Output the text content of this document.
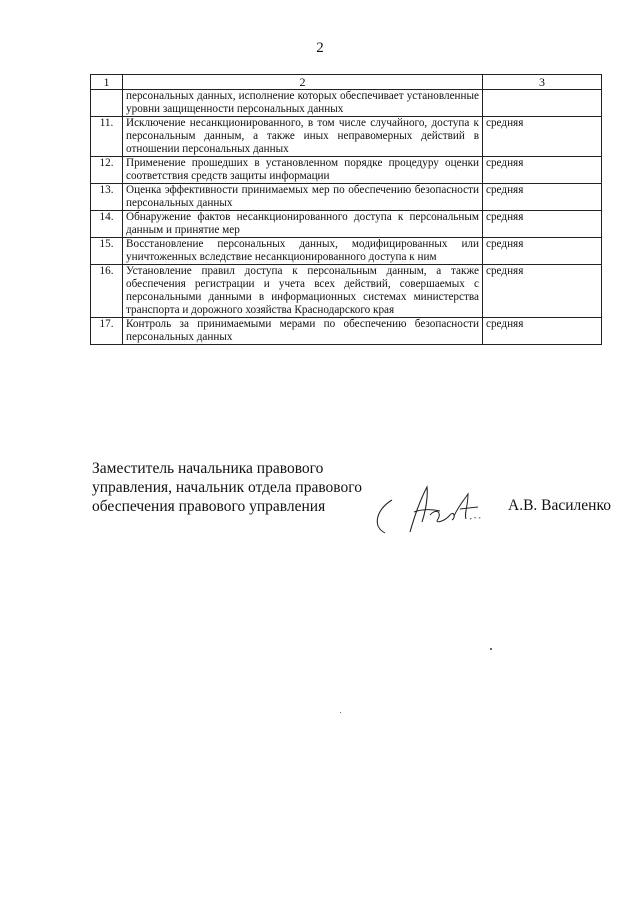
2
1	2	3
	персональных данных, исполнение которых обеспечивает установленные уровни защищенности персональных данных	
11.	Исключение несанкционированного, в том числе случайного, доступа к персональным данным, а также иных неправомерных действий в отношении персональных данных	средняя
12.	Применение прошедших в установленном порядке процедуру оценки соответствия средств защиты информации	средняя
13.	Оценка эффективности принимаемых мер по обеспечению безопасности персональных данных	средняя
14.	Обнаружение фактов несанкционированного доступа к персональным данным и принятие мер	средняя
15.	Восстановление персональных данных, модифицированных или уничтоженных вследствие несанкционированного доступа к ним	средняя
16.	Установление правил доступа к персональным данным, а также обеспечения регистрации и учета всех действий, совершаемых с персональными данными в информационных системах министерства транспорта и дорожного хозяйства Краснодарского края	средняя
17.	Контроль за принимаемыми мерами по обеспечению безопасности персональных данных	средняя
Заместитель начальника правового
управления, начальник отдела правового
обеспечения правового управления	А.В. Василенко
